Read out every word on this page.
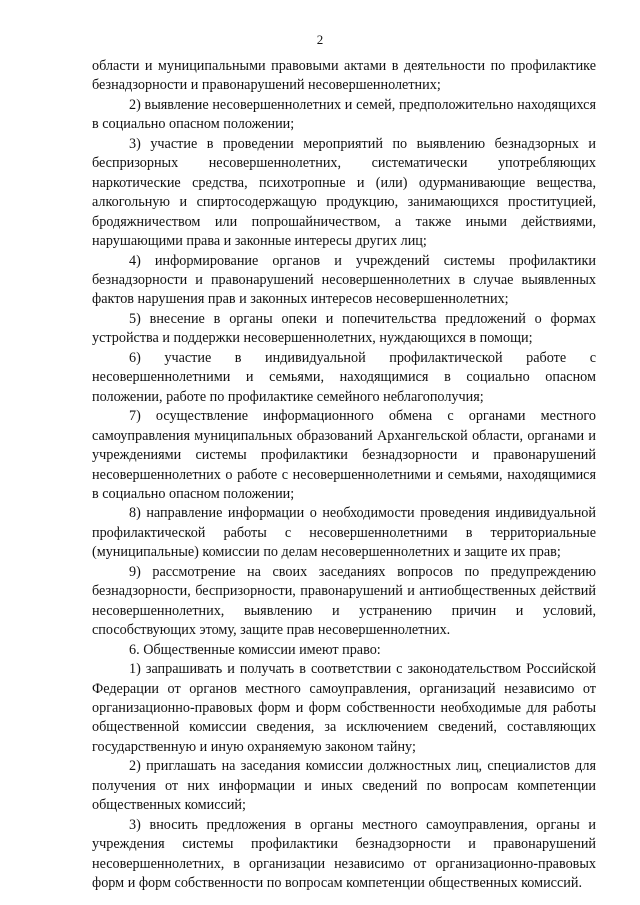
2

области и муниципальными правовыми актами в деятельности по профилактике безнадзорности и правонарушений несовершеннолетних;

2) выявление несовершеннолетних и семей, предположительно находящихся в социально опасном положении;

3) участие в проведении мероприятий по выявлению безнадзорных и беспризорных несовершеннолетних, систематически употребляющих наркотические средства, психотропные и (или) одурманивающие вещества, алкогольную и спиртосодержащую продукцию, занимающихся проституцией, бродяжничеством или попрошайничеством, а также иными действиями, нарушающими права и законные интересы других лиц;

4) информирование органов и учреждений системы профилактики безнадзорности и правонарушений несовершеннолетних в случае выявленных фактов нарушения прав и законных интересов несовершеннолетних;

5) внесение в органы опеки и попечительства предложений о формах устройства и поддержки несовершеннолетних, нуждающихся в помощи;

6) участие в индивидуальной профилактической работе с несовершеннолетними и семьями, находящимися в социально опасном положении, работе по профилактике семейного неблагополучия;

7) осуществление информационного обмена с органами местного самоуправления муниципальных образований Архангельской области, органами и учреждениями системы профилактики безнадзорности и правонарушений несовершеннолетних о работе с несовершеннолетними и семьями, находящимися в социально опасном положении;

8) направление информации о необходимости проведения индивидуальной профилактической работы с несовершеннолетними в территориальные (муниципальные) комиссии по делам несовершеннолетних и защите их прав;

9) рассмотрение на своих заседаниях вопросов по предупреждению безнадзорности, беспризорности, правонарушений и антиобщественных действий несовершеннолетних, выявлению и устранению причин и условий, способствующих этому, защите прав несовершеннолетних.

6. Общественные комиссии имеют право:

1) запрашивать и получать в соответствии с законодательством Российской Федерации от органов местного самоуправления, организаций независимо от организационно-правовых форм и форм собственности необходимые для работы общественной комиссии сведения, за исключением сведений, составляющих государственную и иную охраняемую законом тайну;

2) приглашать на заседания комиссии должностных лиц, специалистов для получения от них информации и иных сведений по вопросам компетенции общественных комиссий;

3) вносить предложения в органы местного самоуправления, органы и учреждения системы профилактики безнадзорности и правонарушений несовершеннолетних, в организации независимо от организационно-правовых форм и форм собственности по вопросам компетенции общественных комиссий.
